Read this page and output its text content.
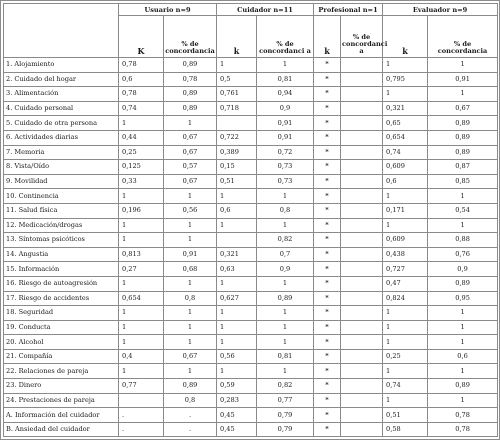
	Usuario n=9		Cuidador n=11		Profesional n=1		Evaluador n=9	
	K	% de concordancia	k	% de concordanci a	k	% de concordanci a	k	% de concordancia
1. Alojamiento	0,78	0,89	1	1	*		1	1
2. Cuidado del hogar	0,6	0,78	0,5	0,81	*		0,795	0,91
3. Alimentación	0,78	0,89	0,761	0,94	*		1	1
4. Cuidado personal	0,74	0,89	0,718	0,9	*		0,321	0,67
5. Cuidado de otra persona	1	1		0,91	*		0,65	0,89
6. Actividades diarias	0,44	0,67	0,722	0,91	*		0,654	0,89
7. Memoria	0,25	0,67	0,389	0,72	*		0,74	0,89
8. Vista/Oído	0,125	0,57	0,15	0,73	*		0,609	0,87
9. Movilidad	0,33	0,67	0,51	0,73	*		0,6	0,85
10. Continencia	1	1	1	1	*		1	1
11. Salud física	0,196	0,56	0,6	0,8	*		0,171	0,54
12. Medicación/drogas	1	1	1	1	*		1	1
13. Síntomas psicóticos	1	1		0,82	*		0,609	0,88
14. Angustia	0,813	0,91	0,321	0,7	*		0,438	0,76
15. Información	0,27	0,68	0,63	0,9	*		0,727	0,9
16. Riesgo de autoagresión	1	1	1	1	*		0,47	0,89
17. Riesgo de accidentes	0,654	0,8	0,627	0,89	*		0,824	0,95
18. Seguridad	1	1	1	1	*		1	1
19. Conducta	1	1	1	1	*		1	1
20. Alcohol	1	1	1	1	*		1	1
21. Compañía	0,4	0,67	0,56	0,81	*		0,25	0,6
22. Relaciones de pareja	1	1	1	1	*		1	1
23. Dinero	0,77	0,89	0,59	0,82	*		0,74	0,89
24. Prestaciones de pareja		0,8	0,283	0,77	*		1	1
A. Información del cuidador	.	.	0,45	0,79	*		0,51	0,78
B. Ansiedad del cuidador	.	.	0,45	0,79	*		0,58	0,78
